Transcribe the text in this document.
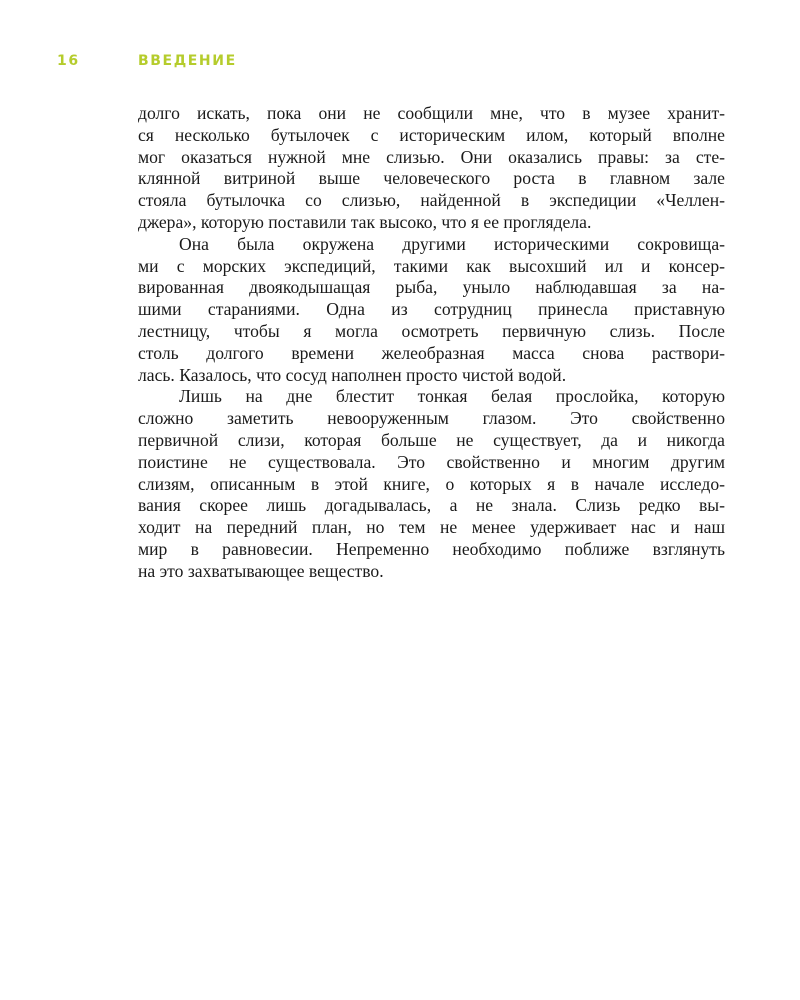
16	ВВЕДЕНИЕ
долго искать, пока они не сообщили мне, что в музее хранит-
ся несколько бутылочек с историческим илом, который вполне
мог оказаться нужной мне слизью. Они оказались правы: за сте-
клянной витриной выше человеческого роста в главном зале
стояла бутылочка со слизью, найденной в экспедиции «Челлен-
джера», которую поставили так высоко, что я ее проглядела.
Она была окружена другими историческими сокровища-
ми с морских экспедиций, такими как высохший ил и консер-
вированная двоякодышащая рыба, уныло наблюдавшая за на-
шими стараниями. Одна из сотрудниц принесла приставную
лестницу, чтобы я могла осмотреть первичную слизь. После
столь долгого времени желеобразная масса снова раствори-
лась. Казалось, что сосуд наполнен просто чистой водой.
Лишь на дне блестит тонкая белая прослойка, которую
сложно заметить невооруженным глазом. Это свойственно
первичной слизи, которая больше не существует, да и никогда
поистине не существовала. Это свойственно и многим другим
слизям, описанным в этой книге, о которых я в начале исследо-
вания скорее лишь догадывалась, а не знала. Слизь редко вы-
ходит на передний план, но тем не менее удерживает нас и наш
мир в равновесии. Непременно необходимо поближе взглянуть
на это захватывающее вещество.
